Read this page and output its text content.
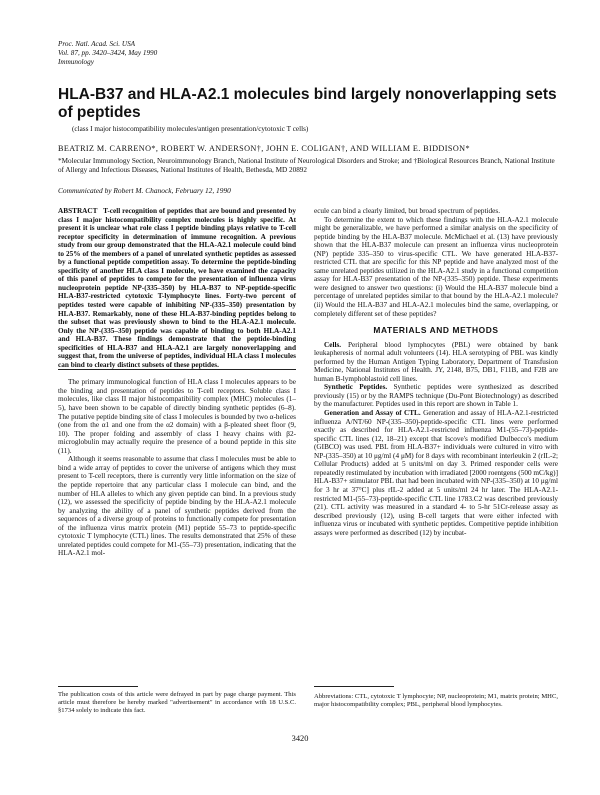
Proc. Natl. Acad. Sci. USA
Vol. 87, pp. 3420–3424, May 1990
Immunology
HLA-B37 and HLA-A2.1 molecules bind largely nonoverlapping sets of peptides
(class I major histocompatibility molecules/antigen presentation/cytotoxic T cells)
BEATRIZ M. CARRENO*, ROBERT W. ANDERSON†, JOHN E. COLIGAN†, AND WILLIAM E. BIDDISON*
*Molecular Immunology Section, Neuroimmunology Branch, National Institute of Neurological Disorders and Stroke; and †Biological Resources Branch, National Institute of Allergy and Infectious Diseases, National Institutes of Health, Bethesda, MD 20892
Communicated by Robert M. Chanock, February 12, 1990

ABSTRACT T-cell recognition of peptides that are bound and presented by class I major histocompatibility complex molecules is highly specific. At present it is unclear what role class I peptide binding plays relative to T-cell receptor specificity in determination of immune recognition. A previous study from our group demonstrated that the HLA-A2.1 molecule could bind to 25% of the members of a panel of unrelated synthetic peptides as assessed by a functional peptide competition assay. To determine the peptide-binding specificity of another HLA class I molecule, we have examined the capacity of this panel of peptides to compete for the presentation of influenza virus nucleoprotein peptide NP-(335–350) by HLA-B37 to NP-peptide-specific HLA-B37-restricted cytotoxic T-lymphocyte lines. Forty-two percent of peptides tested were capable of inhibiting NP-(335–350) presentation by HLA-B37. Remarkably, none of these HLA-B37-binding peptides belong to the subset that was previously shown to bind to the HLA-A2.1 molecule. Only the NP-(335–350) peptide was capable of binding to both HLA-A2.1 and HLA-B37. These findings demonstrate that the peptide-binding specificities of HLA-B37 and HLA-A2.1 are largely nonoverlapping and suggest that, from the universe of peptides, individual HLA class I molecules can bind to clearly distinct subsets of these peptides.

The primary immunological function of HLA class I molecules appears to be the binding and presentation of peptides to T-cell receptors. Soluble class I molecules, like class II major histocompatibility complex (MHC) molecules (1–5), have been shown to be capable of directly binding synthetic peptides (6–8). The putative peptide binding site of class I molecules is bounded by two α-helices (one from the α1 and one from the α2 domain) with a β-pleated sheet floor (9, 10). The proper folding and assembly of class I heavy chains with β2-microglobulin may actually require the presence of a bound peptide in this site (11).

Although it seems reasonable to assume that class I molecules must be able to bind a wide array of peptides to cover the universe of antigens which they must present to T-cell receptors, there is currently very little information on the size of the peptide repertoire that any particular class I molecule can bind, and the number of HLA alleles to which any given peptide can bind. In a previous study (12), we assessed the specificity of peptide binding by the HLA-A2.1 molecule by analyzing the ability of a panel of synthetic peptides derived from the sequences of a diverse group of proteins to functionally compete for presentation of the influenza virus matrix protein (M1) peptide 55–73 to peptide-specific cytotoxic T lymphocyte (CTL) lines. The results demonstrated that 25% of these unrelated peptides could compete for M1-(55–73) presentation, indicating that the HLA-A2.1 mol-

ecule can bind a clearly limited, but broad spectrum of peptides.

To determine the extent to which these findings with the HLA-A2.1 molecule might be generalizable, we have performed a similar analysis on the specificity of peptide binding by the HLA-B37 molecule. McMichael et al. (13) have previously shown that the HLA-B37 molecule can present an influenza virus nucleoprotein (NP) peptide 335–350 to virus-specific CTL. We have generated HLA-B37-restricted CTL that are specific for this NP peptide and have analyzed most of the same unrelated peptides utilized in the HLA-A2.1 study in a functional competition assay for HLA-B37 presentation of the NP-(335–350) peptide. These experiments were designed to answer two questions: (i) Would the HLA-B37 molecule bind a percentage of unrelated peptides similar to that bound by the HLA-A2.1 molecule? (ii) Would the HLA-B37 and HLA-A2.1 molecules bind the same, overlapping, or completely different set of these peptides?

MATERIALS AND METHODS

Cells. Peripheral blood lymphocytes (PBL) were obtained by bank leukapheresis of normal adult volunteers (14). HLA serotyping of PBL was kindly performed by the Human Antigen Typing Laboratory, Department of Transfusion Medicine, National Institutes of Health. JY, 2148, B75, DB1, F11B, and F2B are human B-lymphoblastoid cell lines.

Synthetic Peptides. Synthetic peptides were synthesized as described previously (15) or by the RAMPS technique (Du-Pont Biotechnology) as described by the manufacturer. Peptides used in this report are shown in Table 1.

Generation and Assay of CTL. Generation and assay of HLA-A2.1-restricted influenza A/NT/60 NP-(335–350)-peptide-specific CTL lines were performed exactly as described for HLA-A2.1-restricted influenza M1-(55–73)-peptide-specific CTL lines (12, 18–21) except that Iscove's modified Dulbecco's medium (GIBCO) was used. PBL from HLA-B37+ individuals were cultured in vitro with NP-(335–350) at 10 μg/ml (4 μM) for 8 days with recombinant interleukin 2 (rIL-2; Cellular Products) added at 5 units/ml on day 3. Primed responder cells were repeatedly restimulated by incubation with irradiated [2000 roentgens (500 mC/kg)] HLA-B37+ stimulator PBL that had been incubated with NP-(335–350) at 10 μg/ml for 3 hr at 37°C] plus rIL-2 added at 5 units/ml 24 hr later. The HLA-A2.1-restricted M1-(55–73)-peptide-specific CTL line 1783.C2 was described previously (21). CTL activity was measured in a standard 4- to 5-hr 51Cr-release assay as described previously (12), using B-cell targets that were either infected with influenza virus or incubated with synthetic peptides. Competitive peptide inhibition assays were performed as described (12) by incubat-

The publication costs of this article were defrayed in part by page charge payment. This article must therefore be hereby marked "advertisement" in accordance with 18 U.S.C. §1734 solely to indicate this fact.
Abbreviations: CTL, cytotoxic T lymphocyte; NP, nucleoprotein; M1, matrix protein; MHC, major histocompatibility complex; PBL, peripheral blood lymphocytes.
3420
